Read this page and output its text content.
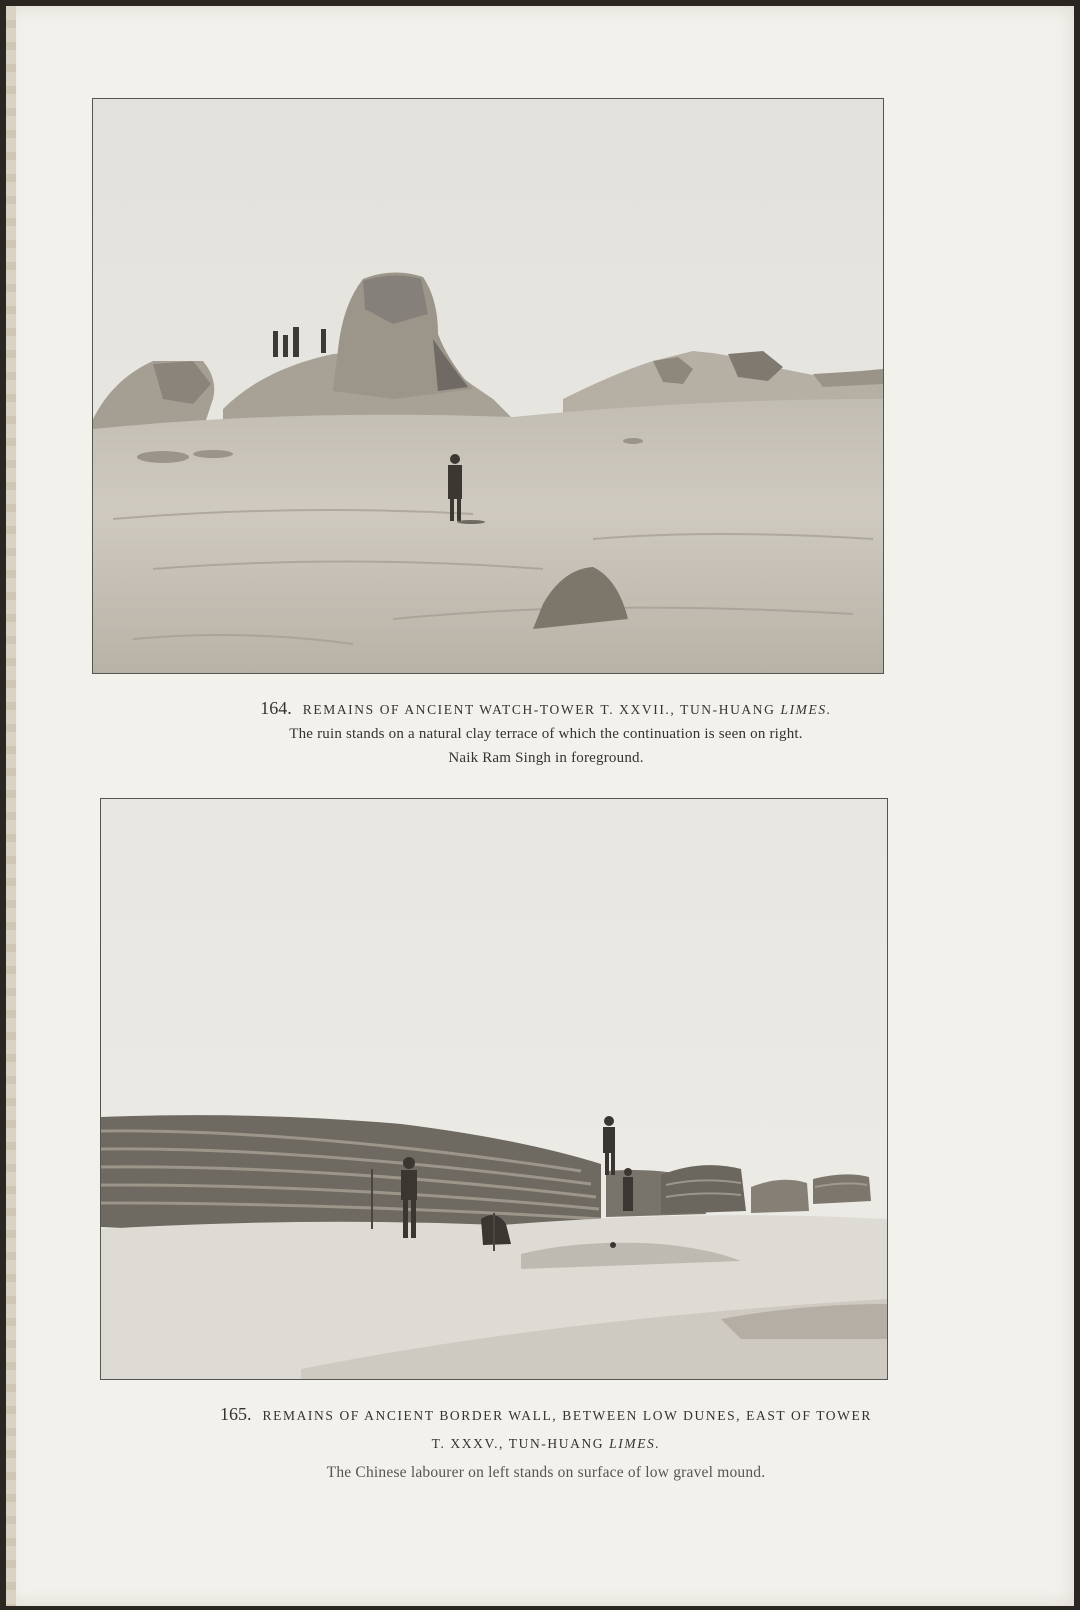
164. REMAINS OF ANCIENT WATCH-TOWER T. XXVII., TUN-HUANG LIMES.
The ruin stands on a natural clay terrace of which the continuation is seen on right.
Naik Ram Singh in foreground.
165. REMAINS OF ANCIENT BORDER WALL, BETWEEN LOW DUNES, EAST OF TOWER
T. XXXV., TUN-HUANG LIMES.
The Chinese labourer on left stands on surface of low gravel mound.
